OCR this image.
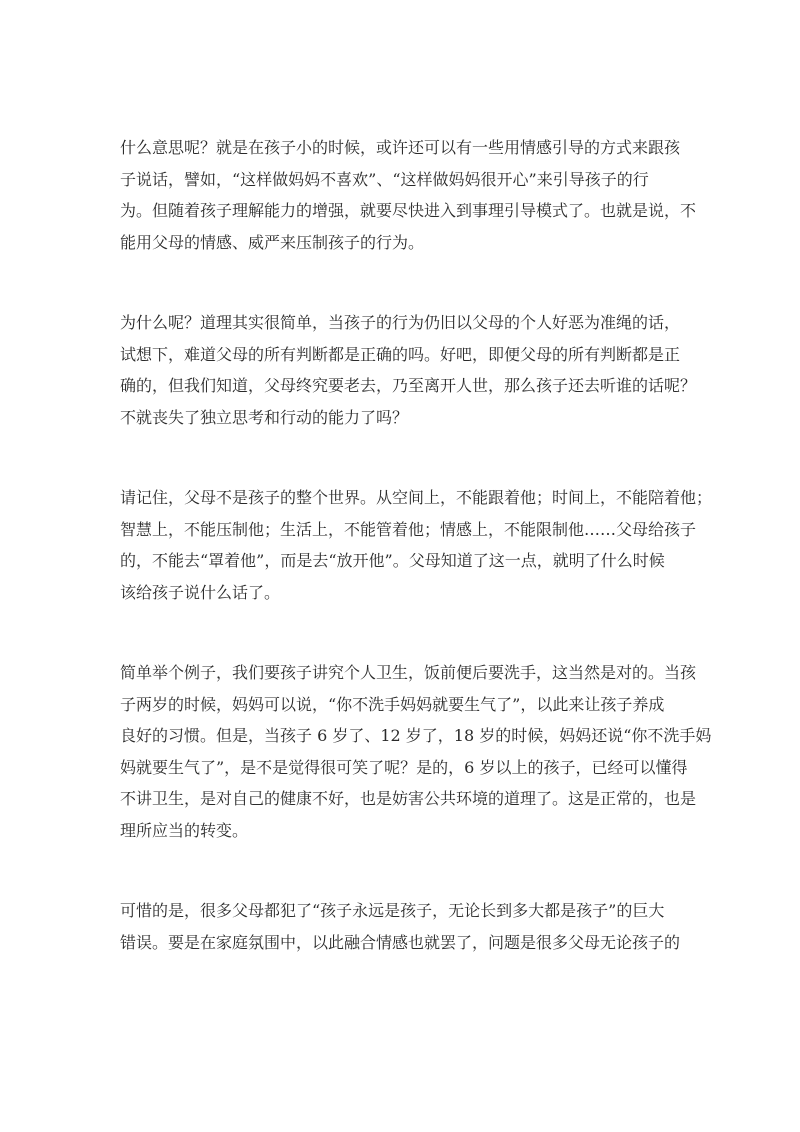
什么意思呢？就是在孩子小的时候，或许还可以有一些用情感引导的方式来跟孩
子说话，譬如，“这样做妈妈不喜欢”、“这样做妈妈很开心”来引导孩子的行
为。但随着孩子理解能力的增强，就要尽快进入到事理引导模式了。也就是说，不
能用父母的情感、威严来压制孩子的行为。

为什么呢？道理其实很简单，当孩子的行为仍旧以父母的个人好恶为准绳的话，
试想下，难道父母的所有判断都是正确的吗。好吧，即便父母的所有判断都是正
确的，但我们知道，父母终究要老去，乃至离开人世，那么孩子还去听谁的话呢？
不就丧失了独立思考和行动的能力了吗？

请记住，父母不是孩子的整个世界。从空间上，不能跟着他；时间上，不能陪着他；
智慧上，不能压制他；生活上，不能管着他；情感上，不能限制他……父母给孩子
的，不能去“罩着他”，而是去“放开他”。父母知道了这一点，就明了什么时候
该给孩子说什么话了。

简单举个例子，我们要孩子讲究个人卫生，饭前便后要洗手，这当然是对的。当孩
子两岁的时候，妈妈可以说，“你不洗手妈妈就要生气了”，以此来让孩子养成
良好的习惯。但是，当孩子 6 岁了、12 岁了，18 岁的时候，妈妈还说“你不洗手妈
妈就要生气了”，是不是觉得很可笑了呢？是的，6 岁以上的孩子，已经可以懂得
不讲卫生，是对自己的健康不好，也是妨害公共环境的道理了。这是正常的，也是
理所应当的转变。

可惜的是，很多父母都犯了“孩子永远是孩子，无论长到多大都是孩子”的巨大
错误。要是在家庭氛围中，以此融合情感也就罢了，问题是很多父母无论孩子的
